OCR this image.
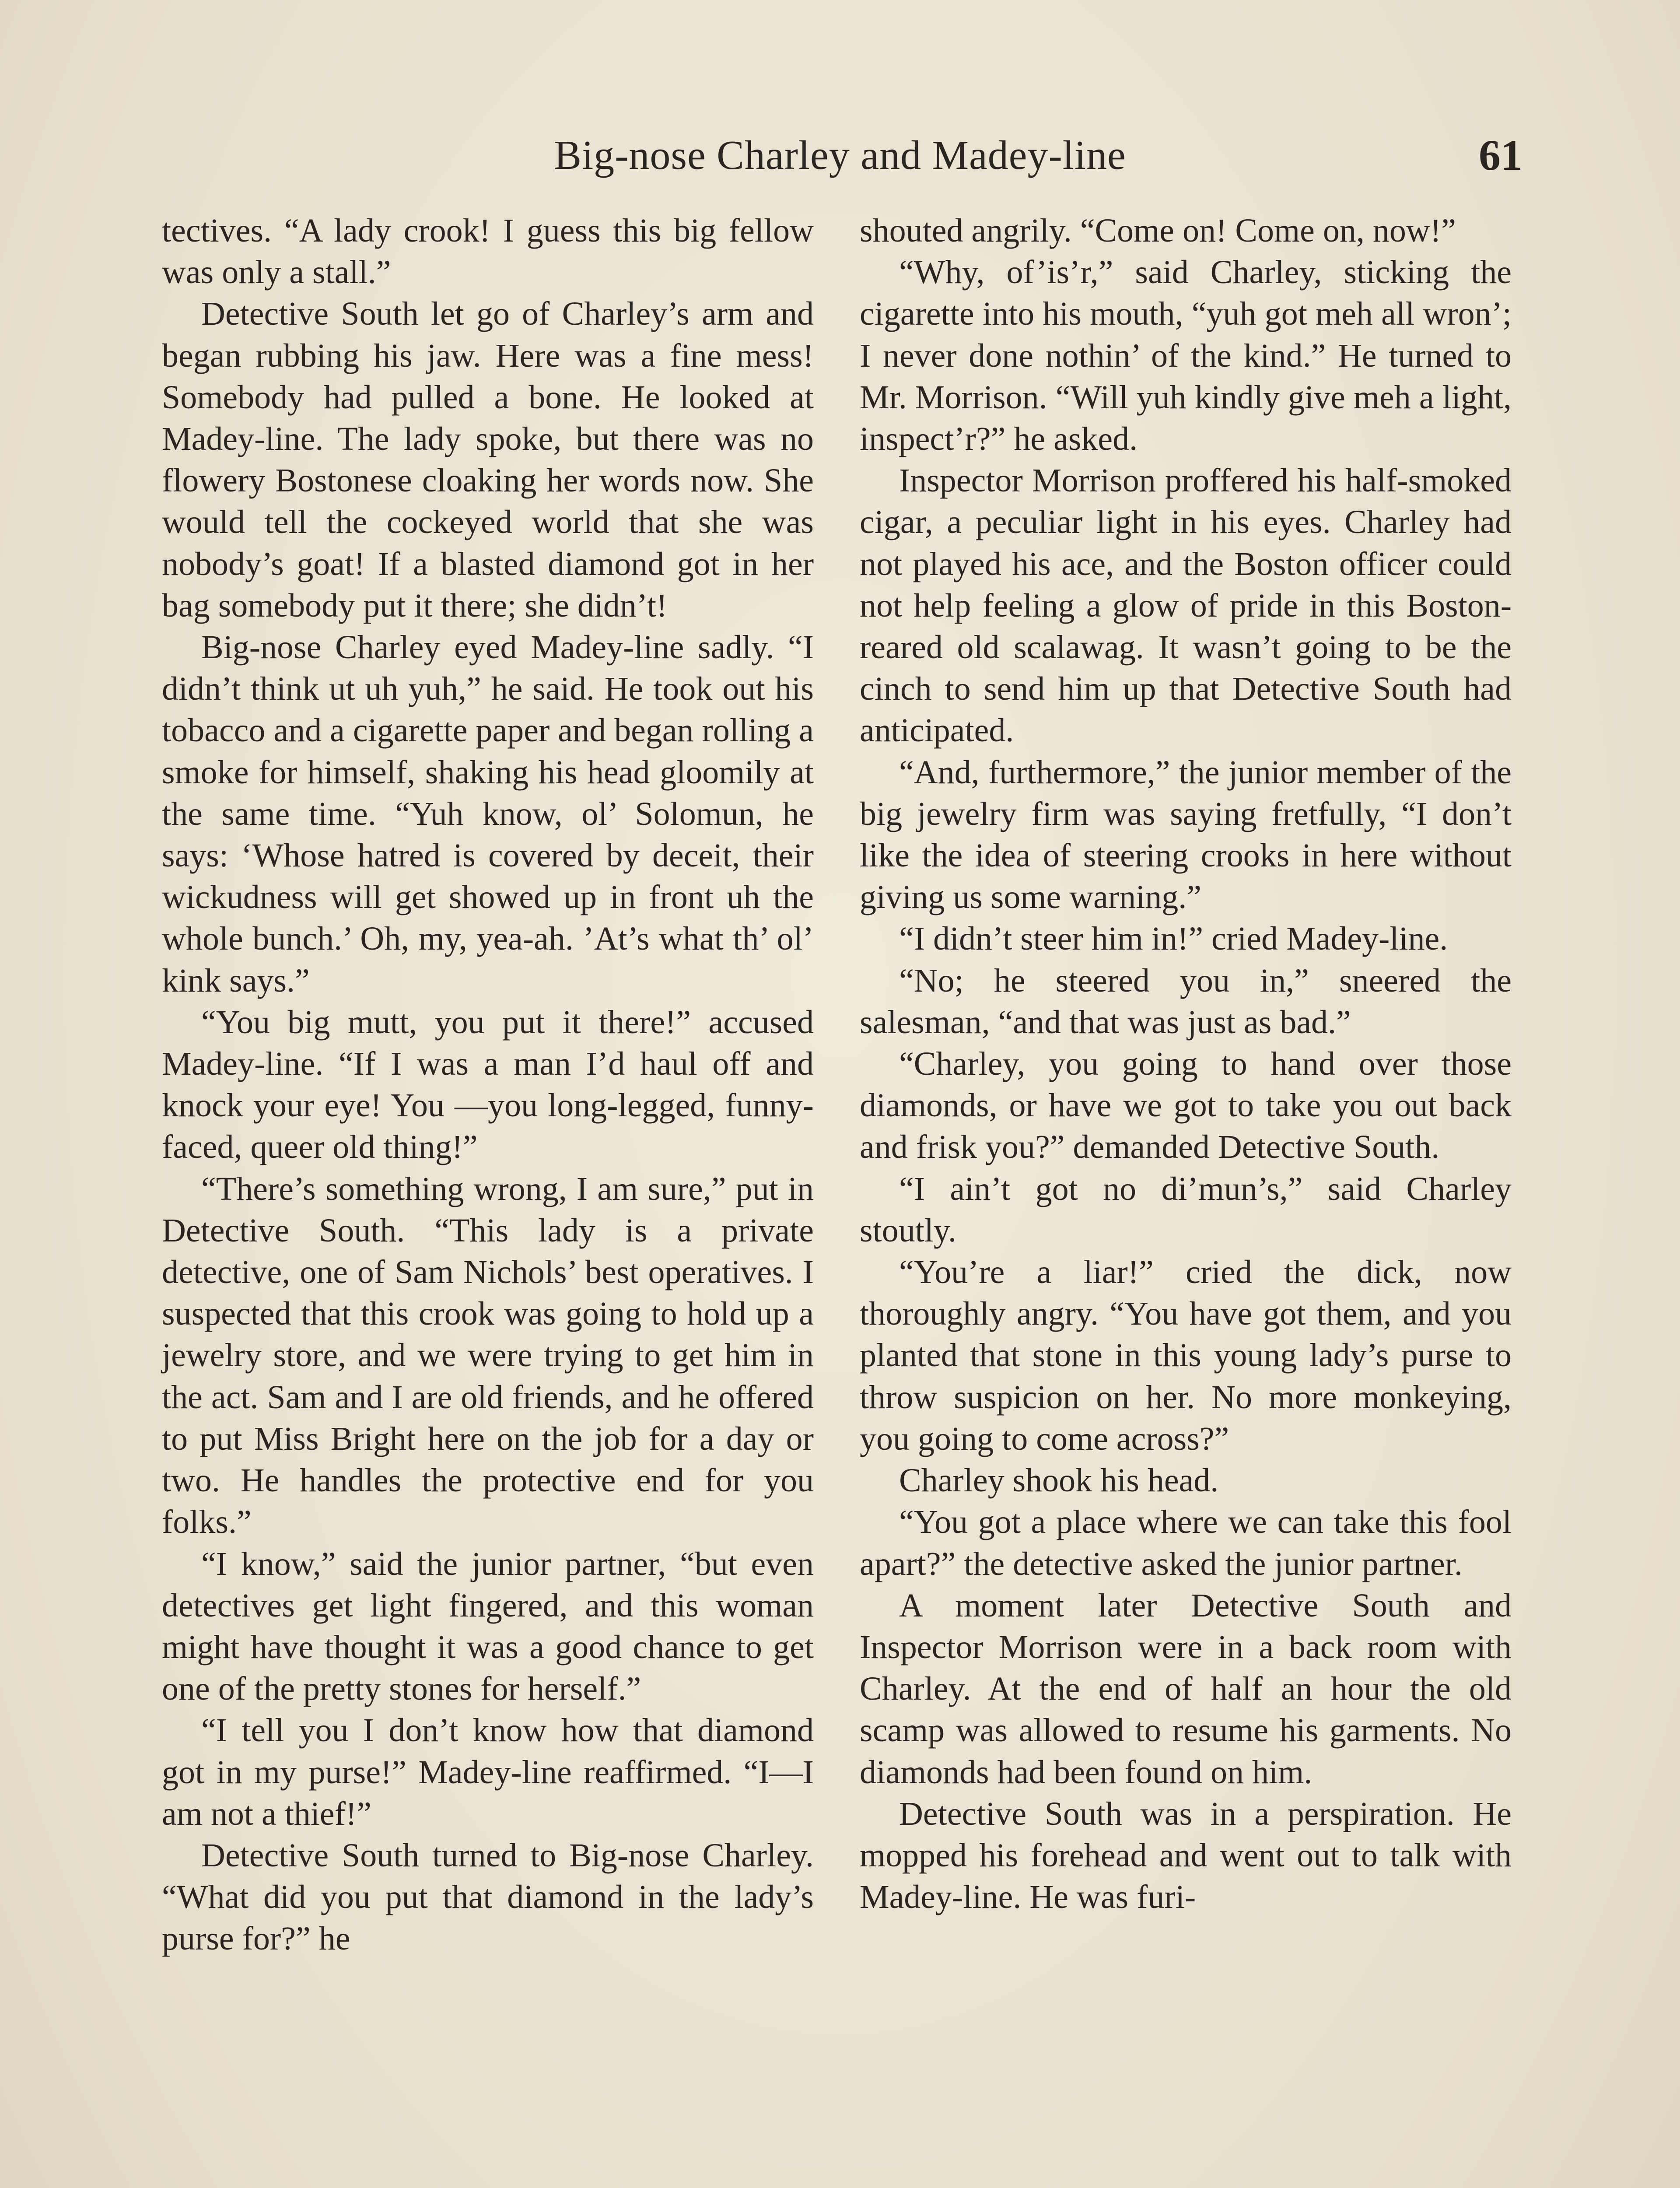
Big-nose Charley and Madey-line	61

tectives. “A lady crook! I guess this big fellow was only a stall.”

Detective South let go of Charley’s arm and began rubbing his jaw. Here was a fine mess! Somebody had pulled a bone. He looked at Madey-line. The lady spoke, but there was no flowery Bostonese cloaking her words now. She would tell the cockeyed world that she was nobody’s goat! If a blasted diamond got in her bag somebody put it there; she didn’t!

Big-nose Charley eyed Madey-line sadly. “I didn’t think ut uh yuh,” he said. He took out his tobacco and a cigarette paper and began rolling a smoke for himself, shaking his head gloomily at the same time. “Yuh know, ol’ Solomun, he says: ‘Whose hatred is covered by deceit, their wickudness will get showed up in front uh the whole bunch.’ Oh, my, yea-ah. ’At’s what th’ ol’ kink says.”

“You big mutt, you put it there!” accused Madey-line. “If I was a man I’d haul off and knock your eye! You —you long-legged, funny-faced, queer old thing!”

“There’s something wrong, I am sure,” put in Detective South. “This lady is a private detective, one of Sam Nichols’ best operatives. I suspected that this crook was going to hold up a jewelry store, and we were trying to get him in the act. Sam and I are old friends, and he offered to put Miss Bright here on the job for a day or two. He handles the protective end for you folks.”

“I know,” said the junior partner, “but even detectives get light fingered, and this woman might have thought it was a good chance to get one of the pretty stones for herself.”

“I tell you I don’t know how that diamond got in my purse!” Madey-line reaffirmed. “I—I am not a thief!”

Detective South turned to Big-nose Charley. “What did you put that diamond in the lady’s purse for?” he

shouted angrily. “Come on! Come on, now!”

“Why, of’is’r,” said Charley, sticking the cigarette into his mouth, “yuh got meh all wron’; I never done nothin’ of the kind.” He turned to Mr. Morrison. “Will yuh kindly give meh a light, inspect’r?” he asked.

Inspector Morrison proffered his half-smoked cigar, a peculiar light in his eyes. Charley had not played his ace, and the Boston officer could not help feeling a glow of pride in this Boston-reared old scalawag. It wasn’t going to be the cinch to send him up that Detective South had anticipated.

“And, furthermore,” the junior member of the big jewelry firm was saying fretfully, “I don’t like the idea of steering crooks in here without giving us some warning.”

“I didn’t steer him in!” cried Madey-line.

“No; he steered you in,” sneered the salesman, “and that was just as bad.”

“Charley, you going to hand over those diamonds, or have we got to take you out back and frisk you?” demanded Detective South.

“I ain’t got no di’mun’s,” said Charley stoutly.

“You’re a liar!” cried the dick, now thoroughly angry. “You have got them, and you planted that stone in this young lady’s purse to throw suspicion on her. No more monkeying, you going to come across?”

Charley shook his head.

“You got a place where we can take this fool apart?” the detective asked the junior partner.

A moment later Detective South and Inspector Morrison were in a back room with Charley. At the end of half an hour the old scamp was allowed to resume his garments. No diamonds had been found on him.

Detective South was in a perspiration. He mopped his forehead and went out to talk with Madey-line. He was furi-
